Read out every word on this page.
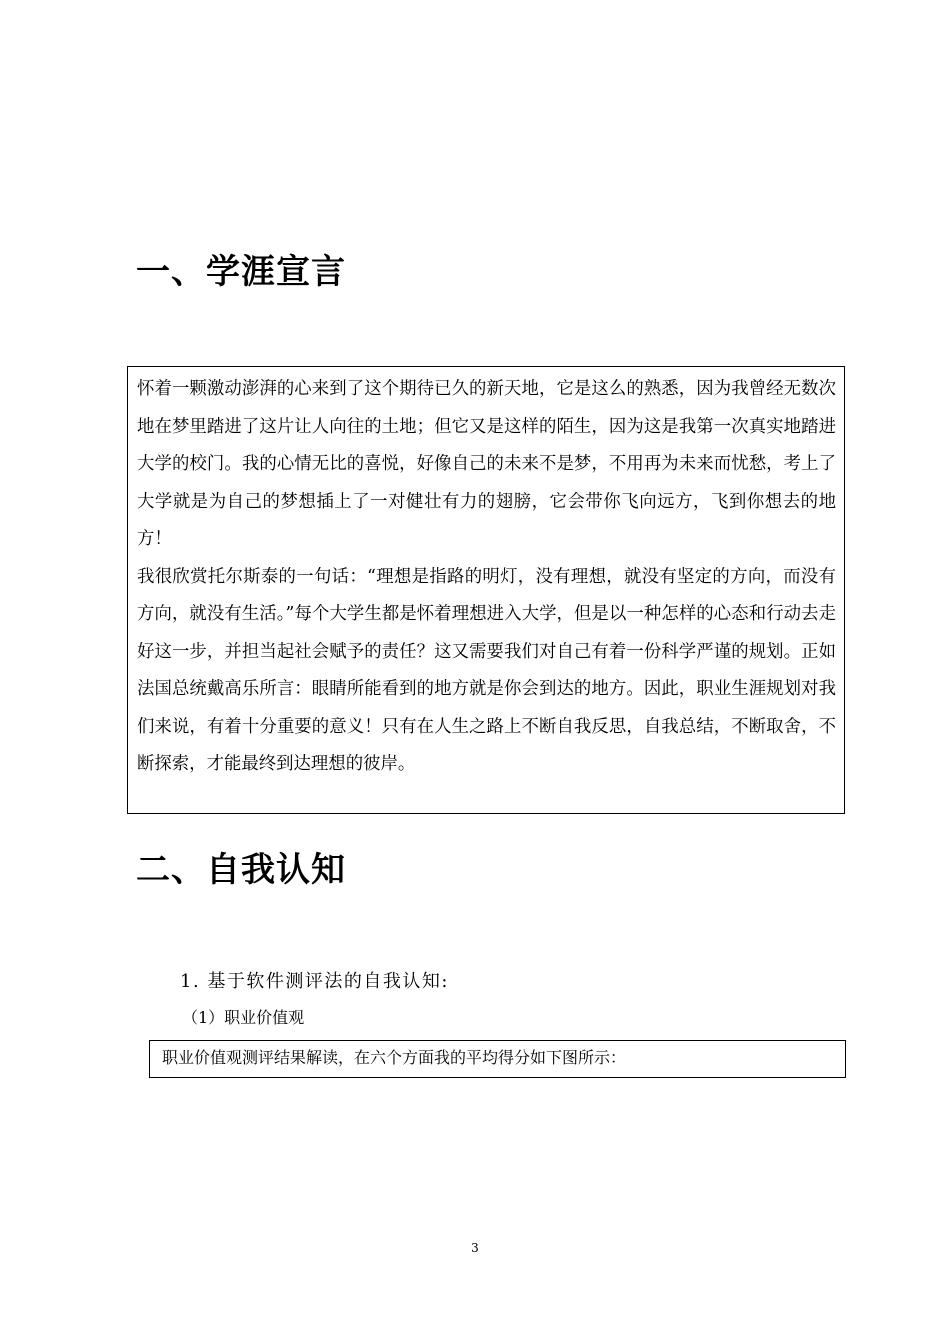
一、学涯宣言

怀着一颗激动澎湃的心来到了这个期待已久的新天地，它是这么的熟悉，因为我曾经无数次地在梦里踏进了这片让人向往的土地；但它又是这样的陌生，因为这是我第一次真实地踏进大学的校门。我的心情无比的喜悦，好像自己的未来不是梦，不用再为未来而忧愁，考上了大学就是为自己的梦想插上了一对健壮有力的翅膀，它会带你飞向远方，飞到你想去的地方！

我很欣赏托尔斯泰的一句话：“理想是指路的明灯，没有理想，就没有坚定的方向，而没有方向，就没有生活。”每个大学生都是怀着理想进入大学，但是以一种怎样的心态和行动去走好这一步，并担当起社会赋予的责任？这又需要我们对自己有着一份科学严谨的规划。正如法国总统戴高乐所言：眼睛所能看到的地方就是你会到达的地方。因此，职业生涯规划对我们来说，有着十分重要的意义！只有在人生之路上不断自我反思，自我总结，不断取舍，不断探索，才能最终到达理想的彼岸。

二、自我认知

1. 基于软件测评法的自我认知:

（1）职业价值观

职业价值观测评结果解读，在六个方面我的平均得分如下图所示：
3
